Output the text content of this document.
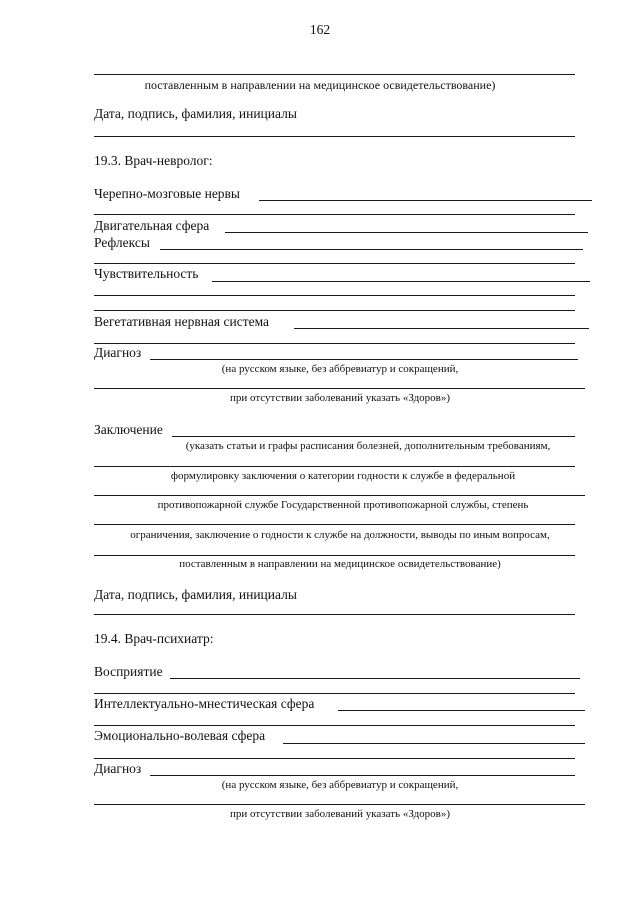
162
поставленным в направлении на медицинское освидетельствование)
Дата, подпись, фамилия, инициалы
19.3. Врач-невролог:
Черепно-мозговые нервы
Двигательная сфера
Рефлексы
Чувствительность
Вегетативная нервная система
Диагноз
(на русском языке, без аббревиатур и сокращений,
при отсутствии заболеваний указать «Здоров»)
Заключение
(указать статьи и графы расписания болезней, дополнительным требованиям,
формулировку заключения о категории годности к службе в федеральной
противопожарной службе Государственной противопожарной службы, степень
ограничения, заключение о годности к службе на должности, выводы по иным вопросам,
поставленным в направлении на медицинское освидетельствование)
Дата, подпись, фамилия, инициалы
19.4. Врач-психиатр:
Восприятие
Интеллектуально-мнестическая сфера
Эмоционально-волевая сфера
Диагноз
(на русском языке, без аббревиатур и сокращений,
при отсутствии заболеваний указать «Здоров»)
